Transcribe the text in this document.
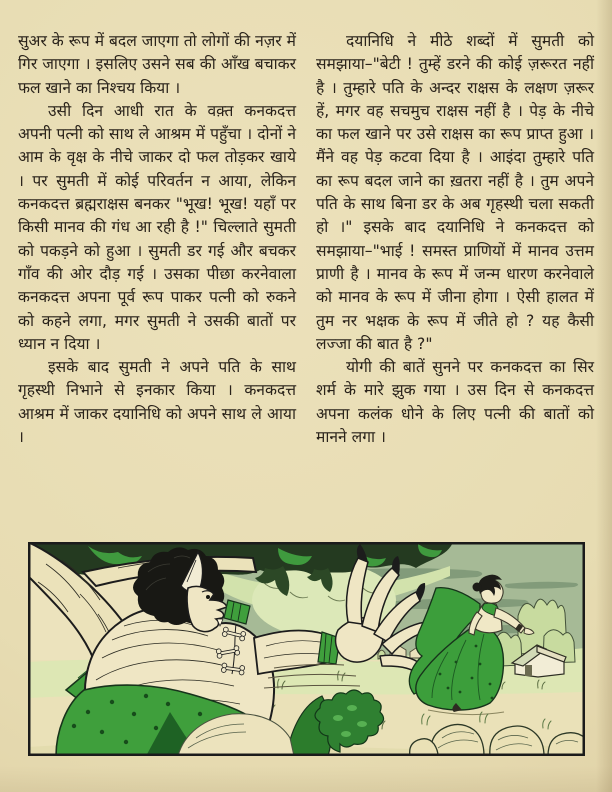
सुअर के रूप में बदल जाएगा तो लोगों की नज़र में गिर जाएगा । इसलिए उसने सब की आँख बचाकर फल खाने का निश्चय किया ।

उसी दिन आधी रात के वक़्त कनकदत्त अपनी पत्नी को साथ ले आश्रम में पहुँचा । दोनों ने आम के वृक्ष के नीचे जाकर दो फल तोड़कर खाये । पर सुमती में कोई परिवर्तन न आया, लेकिन कनकदत्त ब्रह्मराक्षस बनकर "भूख! भूख! यहाँ पर किसी मानव की गंध आ रही है !" चिल्लाते सुमती को पकड़ने को हुआ । सुमती डर गई और बचकर गाँव की ओर दौड़ गई । उसका पीछा करनेवाला कनकदत्त अपना पूर्व रूप पाकर पत्नी को रुकने को कहने लगा, मगर सुमती ने उसकी बातों पर ध्यान न दिया ।

इसके बाद सुमती ने अपने पति के साथ गृहस्थी निभाने से इनकार किया । कनकदत्त आश्रम में जाकर दयानिधि को अपने साथ ले आया ।

दयानिधि ने मीठे शब्दों में सुमती को समझाया–"बेटी ! तुम्हें डरने की कोई ज़रूरत नहीं है । तुम्हारे पति के अन्दर राक्षस के लक्षण ज़रूर हें, मगर वह सचमुच राक्षस नहीं है । पेड़ के नीचे का फल खाने पर उसे राक्षस का रूप प्राप्त हुआ । मैंने वह पेड़ कटवा दिया है । आइंदा तुम्हारे पति का रूप बदल जाने का ख़तरा नहीं है । तुम अपने पति के साथ बिना डर के अब गृहस्थी चला सकती हो ।" इसके बाद दयानिधि ने कनकदत्त को समझाया–"भाई ! समस्त प्राणियों में मानव उत्तम प्राणी है । मानव के रूप में जन्म धारण करनेवाले को मानव के रूप में जीना होगा । ऐसी हालत में तुम नर भक्षक के रूप में जीते हो ? यह कैसी लज्जा की बात है ?"

योगी की बातें सुनने पर कनकदत्त का सिर शर्म के मारे झुक गया । उस दिन से कनकदत्त अपना कलंक धोने के लिए पत्नी की बातों को मानने लगा ।
